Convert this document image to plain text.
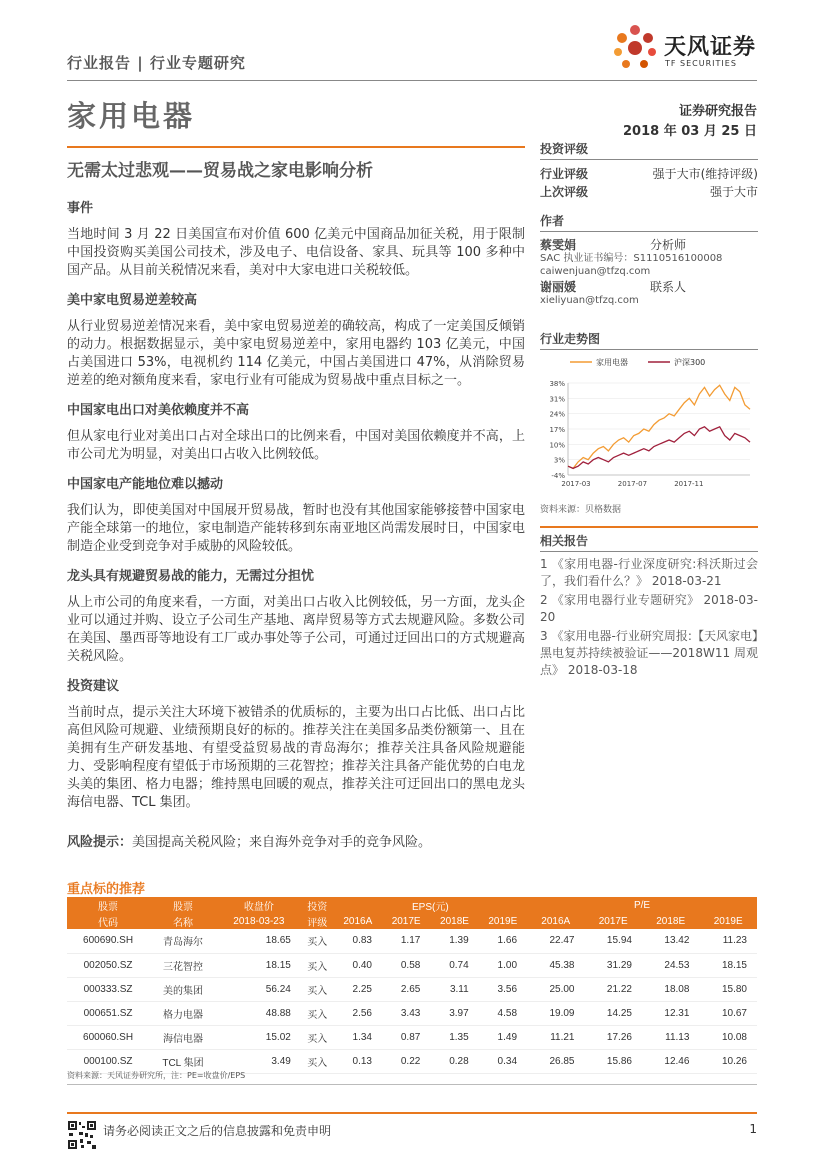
行业报告 | 行业专题研究
天风证券
TF SECURITIES
家用电器	证券研究报告
2018 年 03 月 25 日
无需太过悲观——贸易战之家电影响分析
事件
当地时间 3 月 22 日美国宣布对价值 600 亿美元中国商品加征关税，用于限制中国投资购买美国公司技术，涉及电子、电信设备、家具、玩具等 100 多种中国产品。从目前关税情况来看，美对中大家电进口关税较低。
美中家电贸易逆差较高
从行业贸易逆差情况来看，美中家电贸易逆差的确较高，构成了一定美国反倾销的动力。根据数据显示，美中家电贸易逆差中，家用电器约 103 亿美元，中国占美国进口 53%，电视机约 114 亿美元，中国占美国进口 47%，从消除贸易逆差的绝对额角度来看，家电行业有可能成为贸易战中重点目标之一。
中国家电出口对美依赖度并不高
但从家电行业对美出口占对全球出口的比例来看，中国对美国依赖度并不高，上市公司尤为明显，对美出口占收入比例较低。
中国家电产能地位难以撼动
我们认为，即使美国对中国展开贸易战，暂时也没有其他国家能够接替中国家电产能全球第一的地位，家电制造产能转移到东南亚地区尚需发展时日，中国家电制造企业受到竞争对手威胁的风险较低。
龙头具有规避贸易战的能力，无需过分担忧
从上市公司的角度来看，一方面，对美出口占收入比例较低，另一方面，龙头企业可以通过并购、设立子公司生产基地、离岸贸易等方式去规避风险。多数公司在美国、墨西哥等地设有工厂或办事处等子公司，可通过迂回出口的方式规避高关税风险。
投资建议
当前时点，提示关注大环境下被错杀的优质标的，主要为出口占比低、出口占比高但风险可规避、业绩预期良好的标的。推荐关注在美国多品类份额第一、且在美拥有生产研发基地、有望受益贸易战的青岛海尔；推荐关注具备风险规避能力、受影响程度有望低于市场预期的三花智控；推荐关注具备产能优势的白电龙头美的集团、格力电器；维持黑电回暖的观点，推荐关注可迂回出口的黑电龙头海信电器、TCL 集团。
风险提示：美国提高关税风险；来自海外竞争对手的竞争风险。
投资评级
行业评级	强于大市(维持评级)
上次评级	强于大市
作者
蔡雯娟	分析师
SAC 执业证书编号：S1110516100008
caiwenjuan@tfzq.com
谢丽媛	联系人
xieliyuan@tfzq.com
行业走势图
家用电器	沪深300
-4%
3%
10%
17%
24%
31%
38%
2017-03	2017-07	2017-11
资料来源：贝格数据
相关报告
1 《家用电器-行业深度研究:科沃斯过会了，我们看什么？》 2018-03-21
2 《家用电器行业专题研究》 2018-03-20
3 《家用电器-行业研究周报:【天风家电】黑电复苏持续被验证——2018W11 周观点》 2018-03-18
重点标的推荐
股票	股票	收盘价	投资	EPS(元)				P/E			
代码	名称	2018-03-23	评级	2016A	2017E	2018E	2019E	2016A	2017E	2018E	2019E
600690.SH	青岛海尔	18.65	买入	0.83	1.17	1.39	1.66	22.47	15.94	13.42	11.23
002050.SZ	三花智控	18.15	买入	0.40	0.58	0.74	1.00	45.38	31.29	24.53	18.15
000333.SZ	美的集团	56.24	买入	2.25	2.65	3.11	3.56	25.00	21.22	18.08	15.80
000651.SZ	格力电器	48.88	买入	2.56	3.43	3.97	4.58	19.09	14.25	12.31	10.67
600060.SH	海信电器	15.02	买入	1.34	0.87	1.35	1.49	11.21	17.26	11.13	10.08
000100.SZ	TCL 集团	3.49	买入	0.13	0.22	0.28	0.34	26.85	15.86	12.46	10.26
资料来源：天风证券研究所，注：PE=收盘价/EPS
请务必阅读正文之后的信息披露和免责申明	1
